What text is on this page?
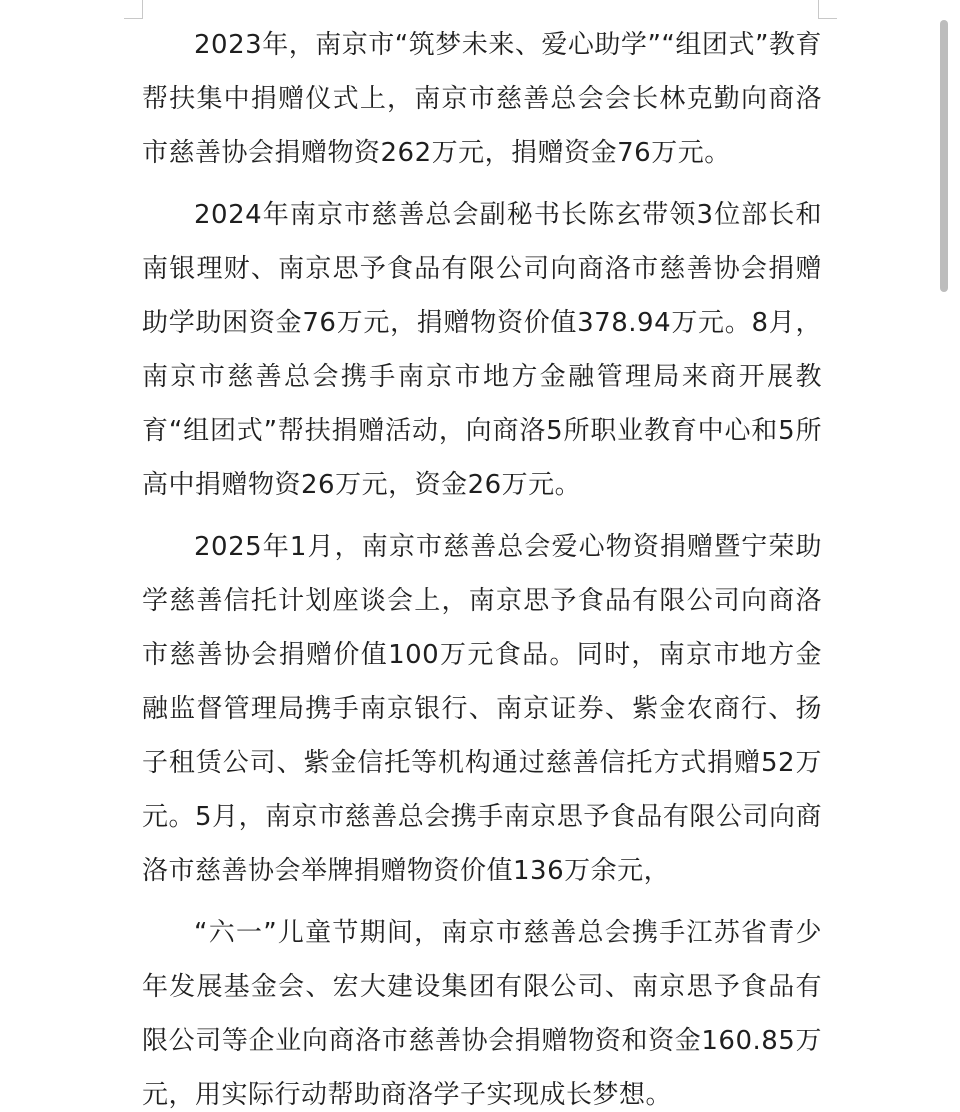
2023年，南京市“筑梦未来、爱心助学”“组团式”教育帮扶集中捐赠仪式上，南京市慈善总会会长林克勤向商洛市慈善协会捐赠物资262万元，捐赠资金76万元。

2024年南京市慈善总会副秘书长陈玄带领3位部长和南银理财、南京思予食品有限公司向商洛市慈善协会捐赠助学助困资金76万元，捐赠物资价值378.94万元。8月，南京市慈善总会携手南京市地方金融管理局来商开展教育“组团式”帮扶捐赠活动，向商洛5所职业教育中心和5所高中捐赠物资26万元，资金26万元。

2025年1月，南京市慈善总会爱心物资捐赠暨宁荣助学慈善信托计划座谈会上，南京思予食品有限公司向商洛市慈善协会捐赠价值100万元食品。同时，南京市地方金融监督管理局携手南京银行、南京证券、紫金农商行、扬子租赁公司、紫金信托等机构通过慈善信托方式捐赠52万元。5月，南京市慈善总会携手南京思予食品有限公司向商洛市慈善协会举牌捐赠物资价值136万余元，

“六一”儿童节期间，南京市慈善总会携手江苏省青少年发展基金会、宏大建设集团有限公司、南京思予食品有限公司等企业向商洛市慈善协会捐赠物资和资金160.85万元，用实际行动帮助商洛学子实现成长梦想。
